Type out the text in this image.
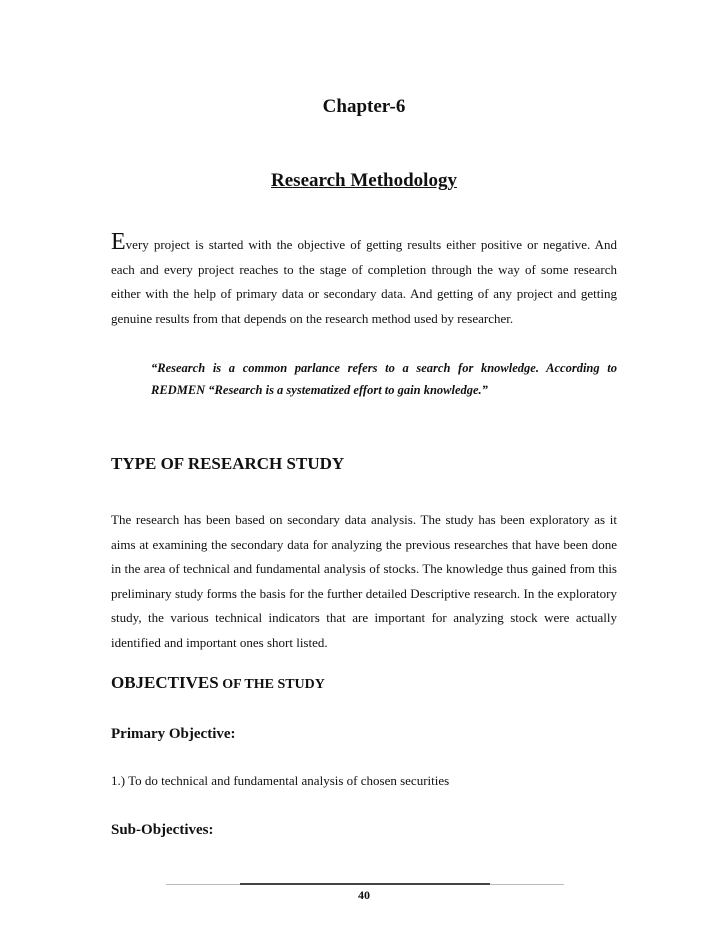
Chapter-6
Research Methodology

Every project is started with the objective of getting results either positive or negative. And each and every project reaches to the stage of completion through the way of some research either with the help of primary data or secondary data. And getting of any project and getting genuine results from that depends on the research method used by researcher.

“Research is a common parlance refers to a search for knowledge. According to REDMEN “Research is a systematized effort to gain knowledge.”

TYPE OF RESEARCH STUDY

The research has been based on secondary data analysis. The study has been exploratory as it aims at examining the secondary data for analyzing the previous researches that have been done in the area of technical and fundamental analysis of stocks. The knowledge thus gained from this preliminary study forms the basis for the further detailed Descriptive research. In the exploratory study, the various technical indicators that are important for analyzing stock were actually identified and important ones short listed.

OBJECTIVES OF THE STUDY
Primary Objective:
1.) To do technical and fundamental analysis of chosen securities
Sub-Objectives:
40
